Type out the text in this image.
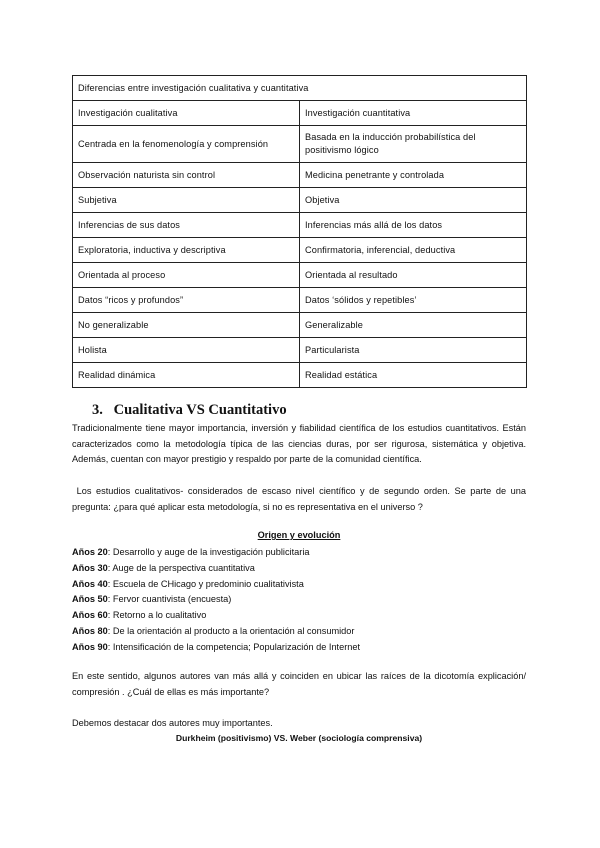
Diferencias entre investigación cualitativa y cuantitativa	
Investigación cualitativa	Investigación cuantitativa
Centrada en la fenomenología y comprensión	Basada en la inducción probabilística del positivismo lógico
Observación naturista sin control	Medicina penetrante y controlada
Subjetiva	Objetiva
Inferencias de sus datos	Inferencias más allá de los datos
Exploratoria, inductiva y descriptiva	Confirmatoria, inferencial, deductiva
Orientada al proceso	Orientada al resultado
Datos “ricos y profundos”	Datos ‘sólidos y repetibles’
No generalizable	Generalizable
Holista	Particularista
Realidad dinámica	Realidad estática
3. Cualitativa VS Cuantitativo
Tradicionalmente tiene mayor importancia, inversión y fiabilidad científica de los estudios cuantitativos. Están caracterizados como la metodología típica de las ciencias duras, por ser rigurosa, sistemática y objetiva. Además, cuentan con mayor prestigio y respaldo por parte de la comunidad científica.
Los estudios cualitativos- considerados de escaso nivel científico y de segundo orden. Se parte de una pregunta: ¿para qué aplicar esta metodología, si no es representativa en el universo ?
Origen y evolución
Años 20: Desarrollo y auge de la investigación publicitaria
Años 30: Auge de la perspectiva cuantitativa
Años 40: Escuela de CHicago y predominio cualitativista
Años 50: Fervor cuantivista (encuesta)
Años 60: Retorno a lo cualitativo
Años 80: De la orientación al producto a la orientación al consumidor
Años 90: Intensificación de la competencia; Popularización de Internet
En este sentido, algunos autores van más allá y coinciden en ubicar las raíces de la dicotomía explicación/ compresión . ¿Cuál de ellas es más importante?
Debemos destacar dos autores muy importantes.
Durkheim (positivismo) VS. Weber (sociología comprensiva)
